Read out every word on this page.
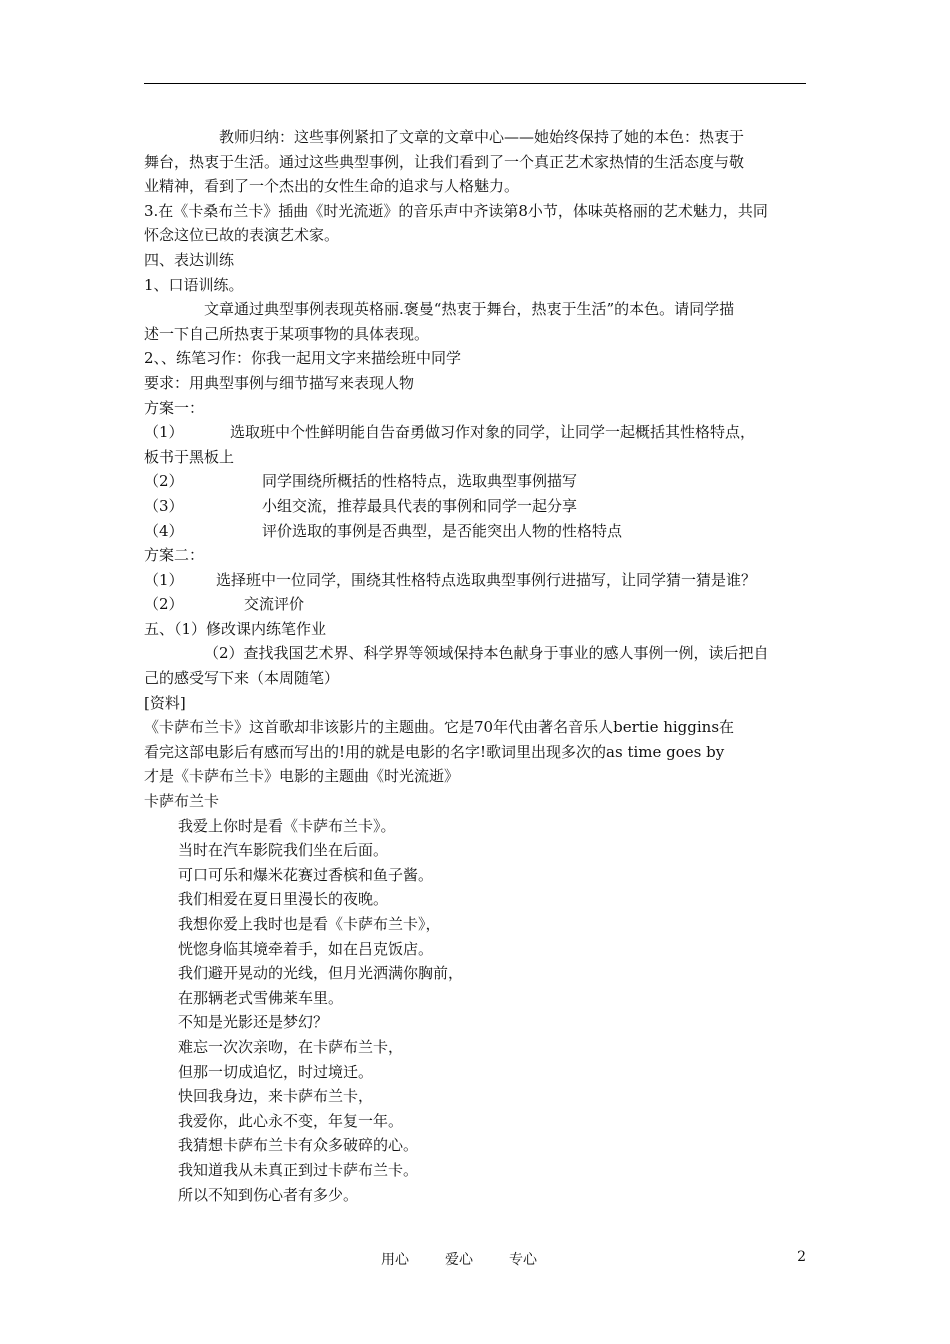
教师归纳：这些事例紧扣了文章的文章中心——她始终保持了她的本色：热衷于

舞台，热衷于生活。通过这些典型事例，让我们看到了一个真正艺术家热情的生活态度与敬

业精神，看到了一个杰出的女性生命的追求与人格魅力。

3.在《卡桑布兰卡》插曲《时光流逝》的音乐声中齐读第8小节，体味英格丽的艺术魅力，共同

怀念这位已故的表演艺术家。

四、表达训练

1、口语训练。

文章通过典型事例表现英格丽.褒曼“热衷于舞台，热衷于生活”的本色。请同学描

述一下自己所热衷于某项事物的具体表现。

2、、练笔习作：你我一起用文字来描绘班中同学

要求：用典型事例与细节描写来表现人物

方案一：

（1）	选取班中个性鲜明能自告奋勇做习作对象的同学，让同学一起概括其性格特点，

板书于黑板上

（2）	同学围绕所概括的性格特点，选取典型事例描写

（3）	小组交流，推荐最具代表的事例和同学一起分享

（4）	评价选取的事例是否典型，是否能突出人物的性格特点

方案二：

（1） 选择班中一位同学，围绕其性格特点选取典型事例行进描写，让同学猜一猜是谁？

（2）	交流评价

五、（1）修改课内练笔作业

（2）查找我国艺术界、科学界等领域保持本色献身于事业的感人事例一例，读后把自

己的感受写下来（本周随笔）

[资料]

《卡萨布兰卡》这首歌却非该影片的主题曲。它是70年代由著名音乐人bertie higgins在

看完这部电影后有感而写出的!用的就是电影的名字!歌词里出现多次的as time goes by

才是《卡萨布兰卡》电影的主题曲《时光流逝》

卡萨布兰卡

我爱上你时是看《卡萨布兰卡》。

当时在汽车影院我们坐在后面。

可口可乐和爆米花赛过香槟和鱼子酱。

我们相爱在夏日里漫长的夜晚。

我想你爱上我时也是看《卡萨布兰卡》，

恍惚身临其境牵着手，如在吕克饭店。

我们避开晃动的光线，但月光洒满你胸前，

在那辆老式雪佛莱车里。

不知是光影还是梦幻？

难忘一次次亲吻，在卡萨布兰卡，

但那一切成追忆，时过境迁。

快回我身边，来卡萨布兰卡，

我爱你，此心永不变，年复一年。

我猜想卡萨布兰卡有众多破碎的心。

我知道我从未真正到过卡萨布兰卡。

所以不知到伤心者有多少。

用心	爱心	专心	2
